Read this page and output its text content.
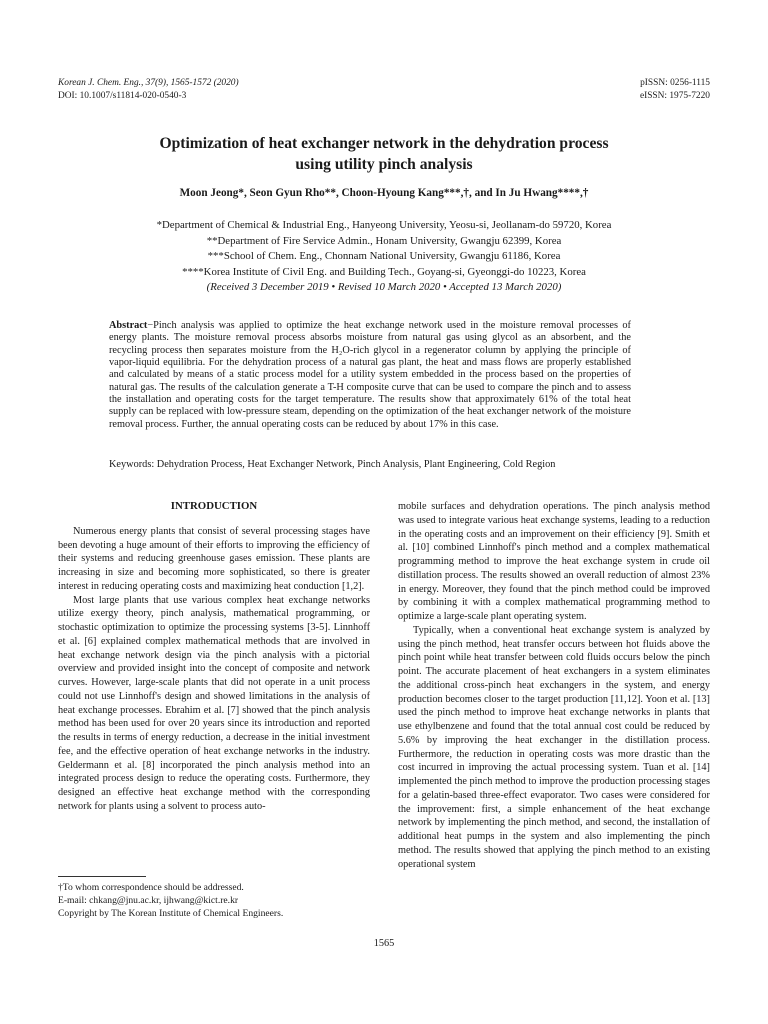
Korean J. Chem. Eng., 37(9), 1565-1572 (2020)
DOI: 10.1007/s11814-020-0540-3
pISSN: 0256-1115
eISSN: 1975-7220
Optimization of heat exchanger network in the dehydration process
using utility pinch analysis
Moon Jeong*, Seon Gyun Rho**, Choon-Hyoung Kang***,†, and In Ju Hwang****,†
*Department of Chemical & Industrial Eng., Hanyeong University, Yeosu-si, Jeollanam-do 59720, Korea
**Department of Fire Service Admin., Honam University, Gwangju 62399, Korea
***School of Chem. Eng., Chonnam National University, Gwangju 61186, Korea
****Korea Institute of Civil Eng. and Building Tech., Goyang-si, Gyeonggi-do 10223, Korea
(Received 3 December 2019 • Revised 10 March 2020 • Accepted 13 March 2020)
Abstract−Pinch analysis was applied to optimize the heat exchange network used in the moisture removal processes of energy plants. The moisture removal process absorbs moisture from natural gas using glycol as an absorbent, and the recycling process then separates moisture from the H₂O-rich glycol in a regenerator column by applying the principle of vapor-liquid equilibria. For the dehydration process of a natural gas plant, the heat and mass flows are properly established and calculated by means of a static process model for a utility system embedded in the process based on the properties of natural gas. The results of the calculation generate a T-H composite curve that can be used to compare the pinch and to assess the installation and operating costs for the target temperature. The results show that approximately 61% of the total heat supply can be replaced with low-pressure steam, depending on the optimization of the heat exchanger network of the moisture removal process. Further, the annual operating costs can be reduced by about 17% in this case.
Keywords: Dehydration Process, Heat Exchanger Network, Pinch Analysis, Plant Engineering, Cold Region
INTRODUCTION

Numerous energy plants that consist of several processing stages have been devoting a huge amount of their efforts to improving the efficiency of their systems and reducing greenhouse gases emission. These plants are increasing in size and becoming more sophisticated, so there is greater interest in reducing operating costs and maximizing heat conduction [1,2].

Most large plants that use various complex heat exchange networks utilize exergy theory, pinch analysis, mathematical programming, or stochastic optimization to optimize the processing systems [3-5]. Linnhoff et al. [6] explained complex mathematical methods that are involved in heat exchange network design via the pinch analysis with a pictorial overview and provided insight into the concept of composite and network curves. However, large-scale plants that did not operate in a unit process could not use Linnhoff's design and showed limitations in the analysis of heat exchange processes. Ebrahim et al. [7] showed that the pinch analysis method has been used for over 20 years since its introduction and reported the results in terms of energy reduction, a decrease in the initial investment fee, and the effective operation of heat exchange networks in the industry. Geldermann et al. [8] incorporated the pinch analysis method into an integrated process design to reduce the operating costs. Furthermore, they designed an effective heat exchange method with the corresponding network for plants using a solvent to process auto-

mobile surfaces and dehydration operations. The pinch analysis method was used to integrate various heat exchange systems, leading to a reduction in the operating costs and an improvement on their efficiency [9]. Smith et al. [10] combined Linnhoff's pinch method and a complex mathematical programming method to improve the heat exchange system in crude oil distillation process. The results showed an overall reduction of almost 23% in energy. Moreover, they found that the pinch method could be improved by combining it with a complex mathematical programming method to optimize a large-scale plant operating system.

Typically, when a conventional heat exchange system is analyzed by using the pinch method, heat transfer occurs between hot fluids above the pinch point while heat transfer between cold fluids occurs below the pinch point. The accurate placement of heat exchangers in a system eliminates the additional cross-pinch heat exchangers in the system, and energy production becomes closer to the target production [11,12]. Yoon et al. [13] used the pinch method to improve heat exchange networks in plants that use ethylbenzene and found that the total annual cost could be reduced by 5.6% by improving the heat exchanger in the distillation process. Furthermore, the reduction in operating costs was more drastic than the cost incurred in improving the actual processing system. Tuan et al. [14] implemented the pinch method to improve the production processing stages for a gelatin-based three-effect evaporator. Two cases were considered for the improvement: first, a simple enhancement of the heat exchange network by implementing the pinch method, and second, the installation of additional heat pumps in the system and also implementing the pinch method. The results showed that applying the pinch method to an existing operational system

†To whom correspondence should be addressed.
E-mail: chkang@jnu.ac.kr, ijhwang@kict.re.kr
Copyright by The Korean Institute of Chemical Engineers.
1565
